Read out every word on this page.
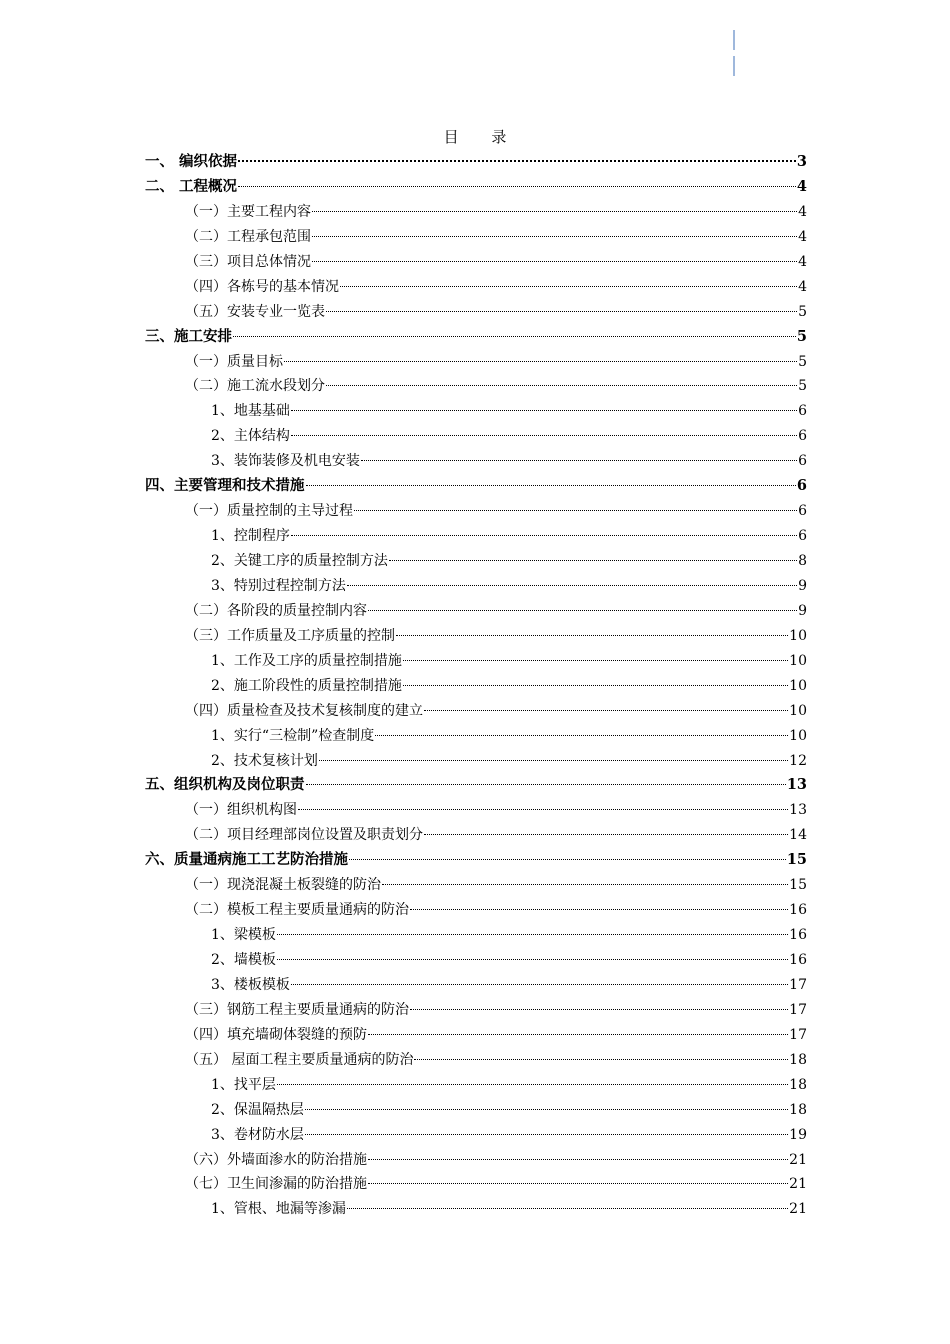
目 录
一、 编织依据	3
二、 工程概况	4
（一）主要工程内容	4
（二）工程承包范围	4
（三）项目总体情况	4
（四）各栋号的基本情况	4
（五）安装专业一览表	5
三、施工安排	5
（一）质量目标	5
（二）施工流水段划分	5
1、地基基础	6
2、主体结构	6
3、装饰装修及机电安装	6
四、主要管理和技术措施	6
（一）质量控制的主导过程	6
1、控制程序	6
2、关键工序的质量控制方法	8
3、特别过程控制方法	9
（二）各阶段的质量控制内容	9
（三）工作质量及工序质量的控制	10
1、工作及工序的质量控制措施	10
2、施工阶段性的质量控制措施	10
（四）质量检查及技术复核制度的建立	10
1、实行“三检制”检查制度	10
2、技术复核计划	12
五、组织机构及岗位职责	13
（一）组织机构图	13
（二）项目经理部岗位设置及职责划分	14
六、质量通病施工工艺防治措施	15
（一）现浇混凝土板裂缝的防治	15
（二）模板工程主要质量通病的防治	16
1、梁模板	16
2、墙模板	16
3、楼板模板	17
（三）钢筋工程主要质量通病的防治	17
（四）填充墙砌体裂缝的预防	17
（五） 屋面工程主要质量通病的防治	18
1、找平层	18
2、保温隔热层	18
3、卷材防水层	19
（六）外墙面渗水的防治措施	21
（七）卫生间渗漏的防治措施	21
1、管根、地漏等渗漏	21
